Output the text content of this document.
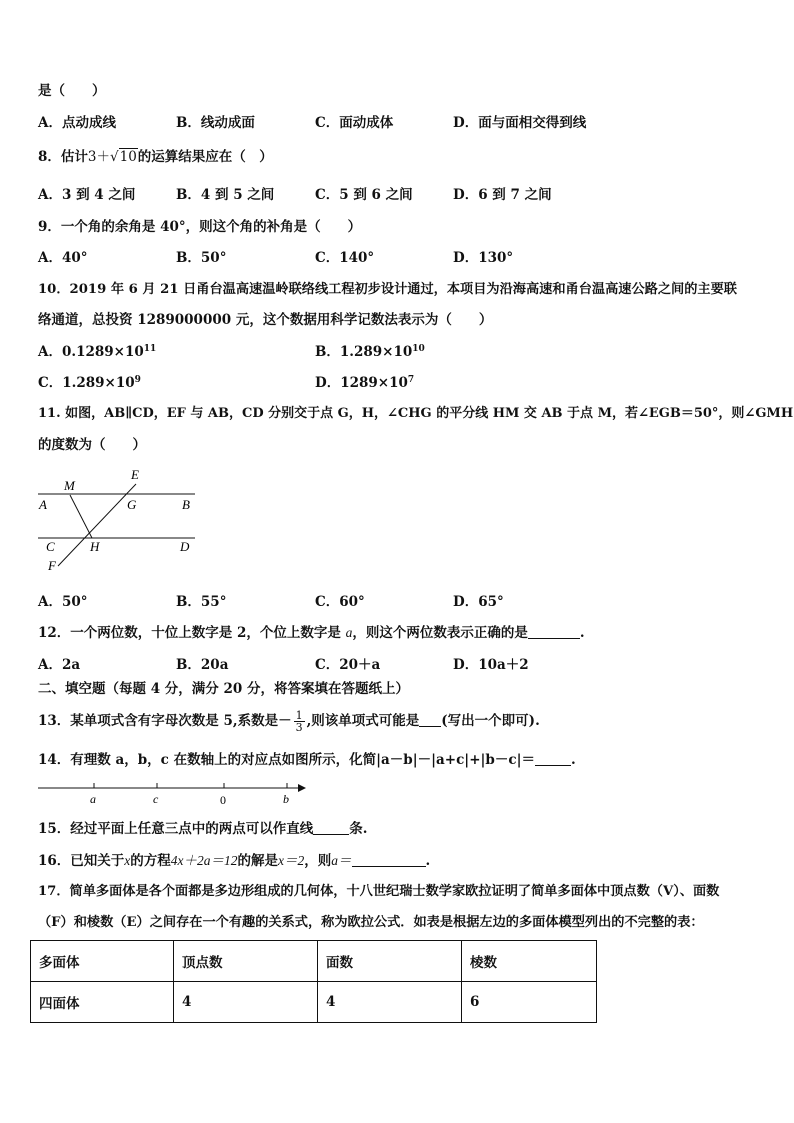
是（　　）
A．点动成线	B．线动成面	C．面动成体	D．面与面相交得到线
8．估计3＋√10的运算结果应在（　）
A．3 到 4 之间	B．4 到 5 之间	C．5 到 6 之间	D．6 到 7 之间
9．一个角的余角是 40°，则这个角的补角是（　　）
A．40°	B．50°	C．140°	D．130°
10．2019 年 6 月 21 日甬台温高速温岭联络线工程初步设计通过，本项目为沿海高速和甬台温高速公路之间的主要联
络通道，总投资 1289000000 元，这个数据用科学记数法表示为（　　）
A．$0.1289\times 10^{11}$	B．$1.289\times 10^{10}$
C．$1.289\times 10^9$	D．$1289\times 10^7$
11. 如图，AB∥CD，EF 与 AB，CD 分别交于点 G，H，∠CHG 的平分线 HM 交 AB 于点 M，若∠EGB＝50°，则∠GMH
的度数为（　　）
M
E
A	G	B
C	H	D
F
A．50°	B．55°	C．60°	D．65°
12．一个两位数，十位上数字是 2，个位上数字是 a，则这个两位数表示正确的是	.
A．2a	B．20a	C．20＋a	D．10a＋2
二、填空题（每题 4 分，满分 20 分，将答案填在答题纸上）
13．某单项式含有字母次数是 5,系数是－ $\frac{1}{3}$ ,则该单项式可能是 (写出一个即可).
14．有理数 a，b，c 在数轴上的对应点如图所示，化简|a－b|－|a+c|+|b－c|＝	.
a	c	0	b
15．经过平面上任意三点中的两点可以作直线	条.
16．已知关于x的方程4x＋2a＝12的解是x＝2，则a＝	.
17．简单多面体是各个面都是多边形组成的几何体，十八世纪瑞士数学家欧拉证明了简单多面体中顶点数（V）、面数
（F）和棱数（E）之间存在一个有趣的关系式，称为欧拉公式．如表是根据左边的多面体模型列出的不完整的表：
多面体	顶点数	面数	棱数
四面体	4	4	6
